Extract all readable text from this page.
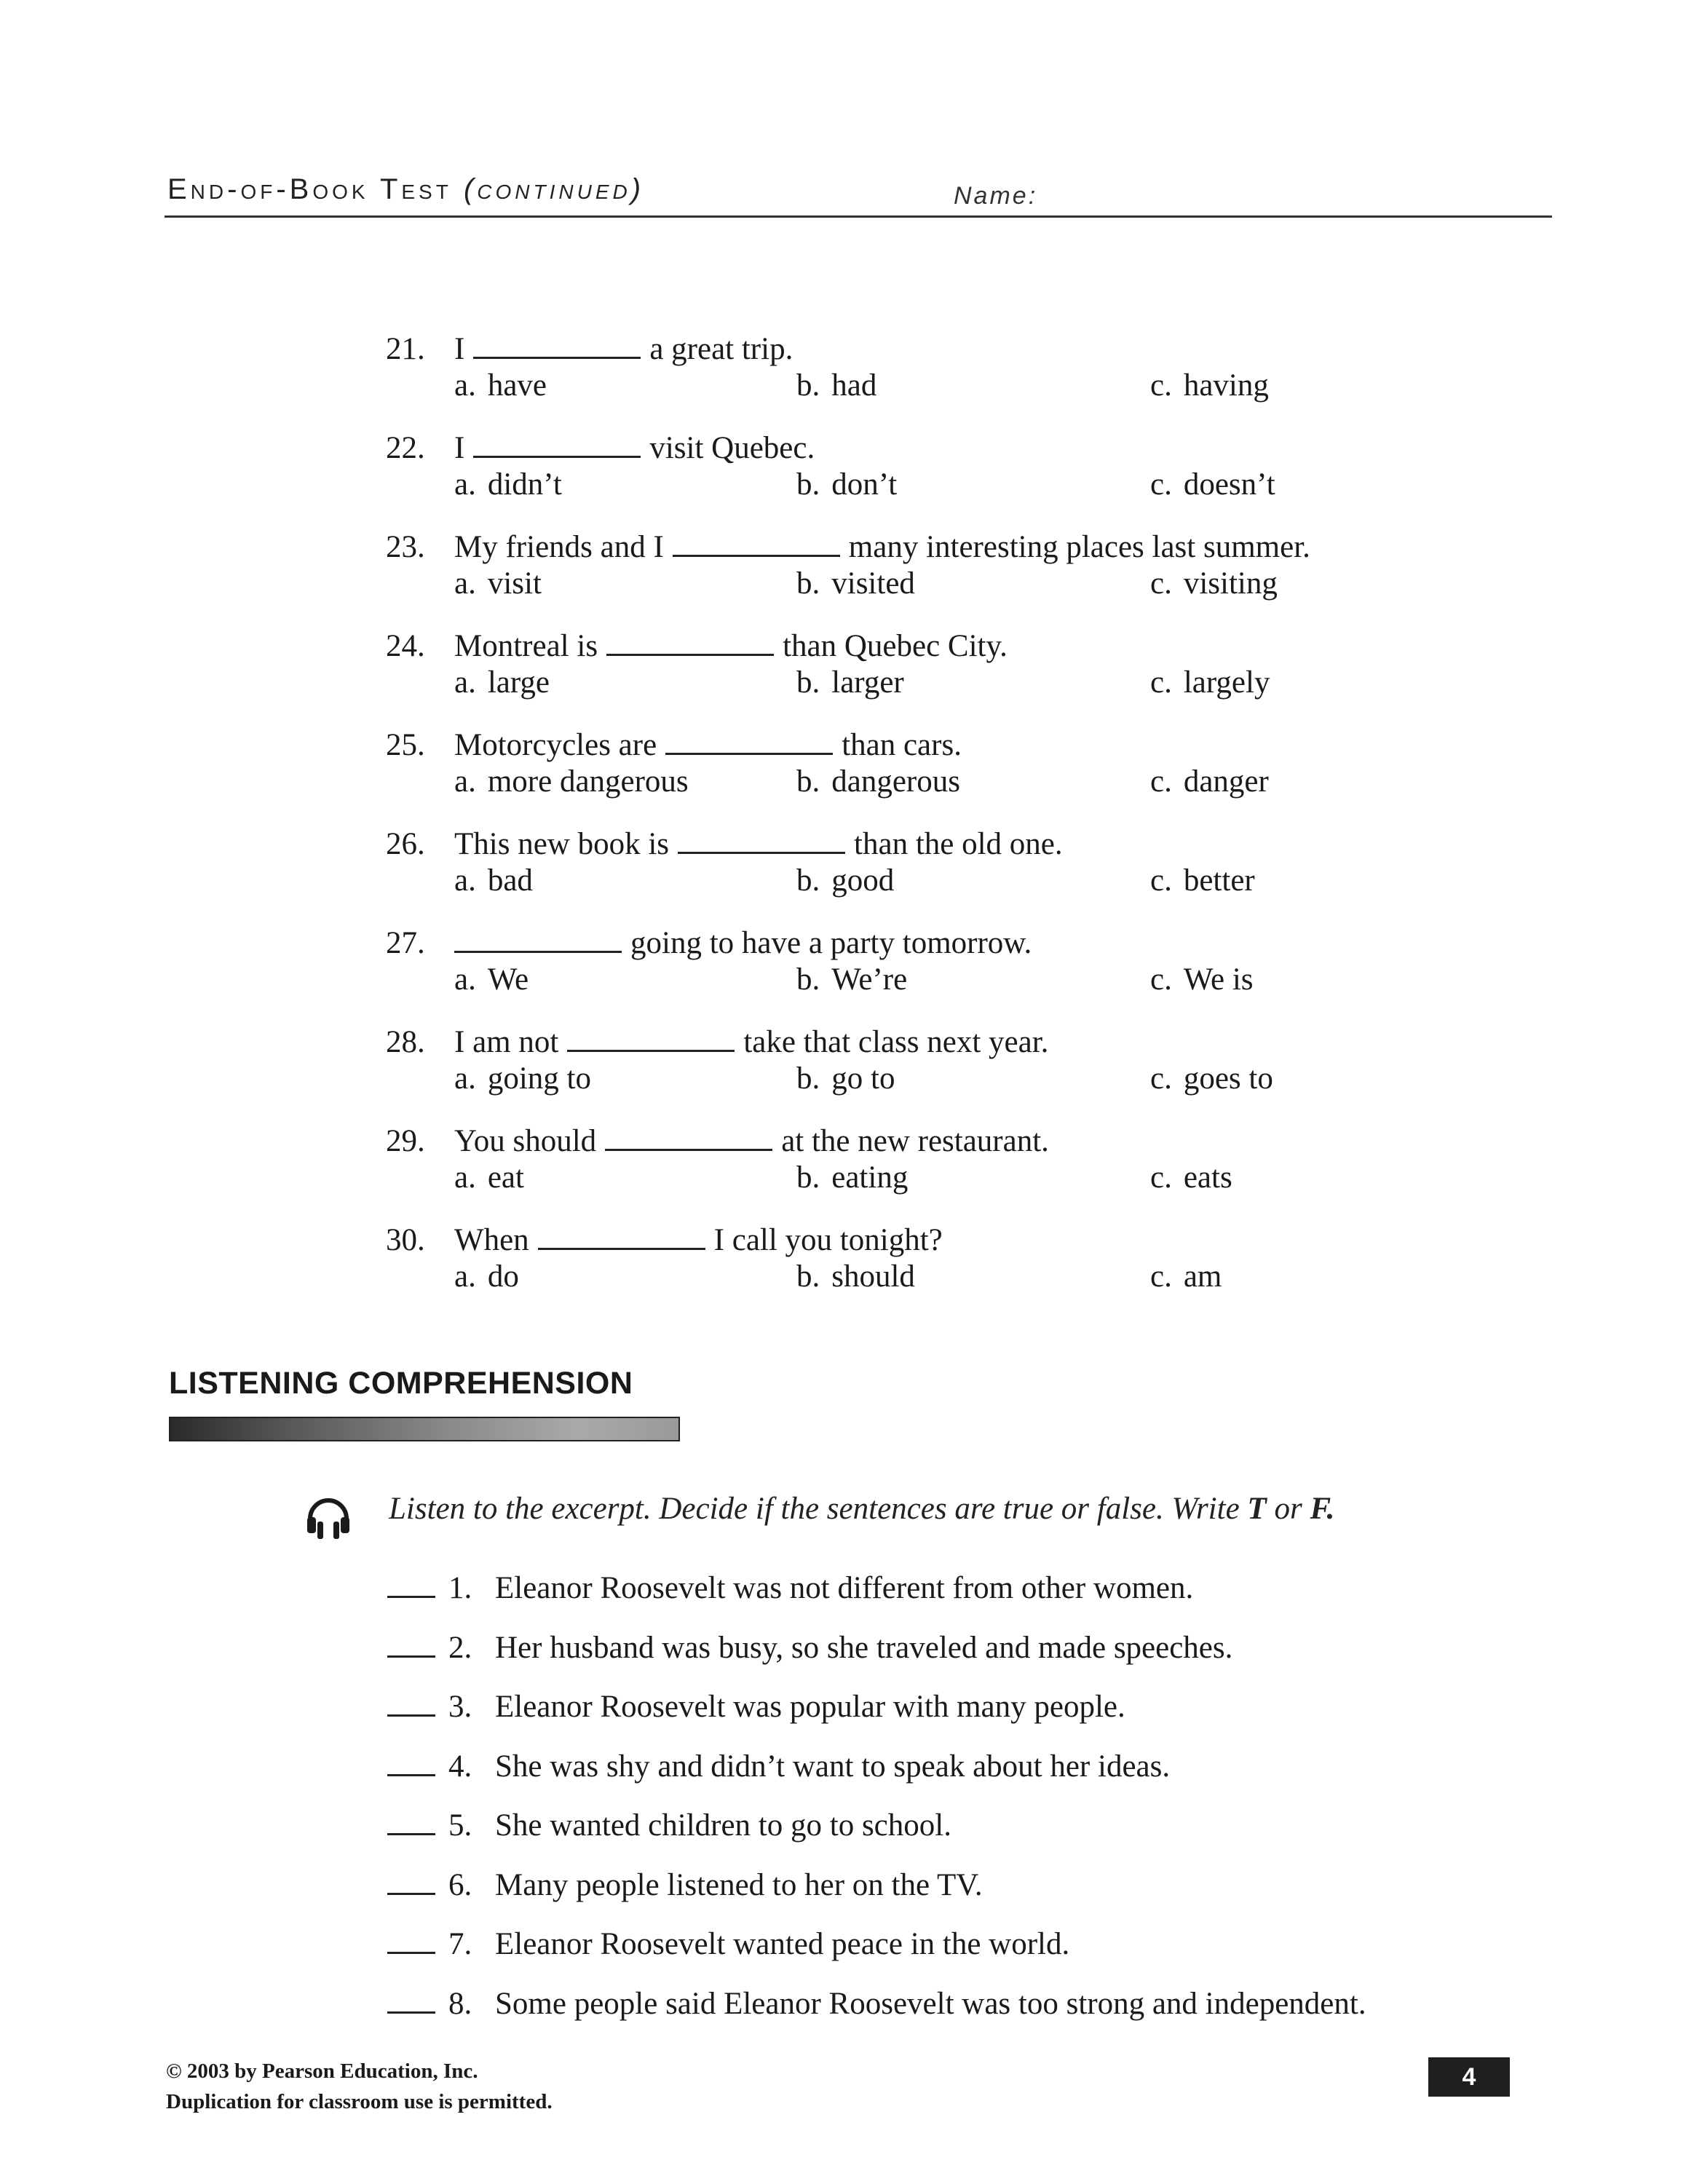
End-of-Book Test (continued)	Name:
21. I	a great trip.
a. have	b. had	c. having
22. I	visit Quebec.
a. didn’t	b. don’t	c. doesn’t
23. My friends and I	many interesting places last summer.
a. visit	b. visited	c. visiting
24. Montreal is	than Quebec City.
a. large	b. larger	c. largely
25. Motorcycles are	than cars.
a. more dangerous	b. dangerous	c. danger
26. This new book is	than the old one.
a. bad	b. good	c. better
27.	going to have a party tomorrow.
a. We	b. We’re	c. We is
28. I am not	take that class next year.
a. going to	b. go to	c. goes to
29. You should	at the new restaurant.
a. eat	b. eating	c. eats
30. When	I call you tonight?
a. do	b. should	c. am
LISTENING COMPREHENSION
Listen to the excerpt. Decide if the sentences are true or false. Write T or F.
1. Eleanor Roosevelt was not different from other women.
2. Her husband was busy, so she traveled and made speeches.
3. Eleanor Roosevelt was popular with many people.
4. She was shy and didn’t want to speak about her ideas.
5. She wanted children to go to school.
6. Many people listened to her on the TV.
7. Eleanor Roosevelt wanted peace in the world.
8. Some people said Eleanor Roosevelt was too strong and independent.
© 2003 by Pearson Education, Inc.
Duplication for classroom use is permitted.
4
